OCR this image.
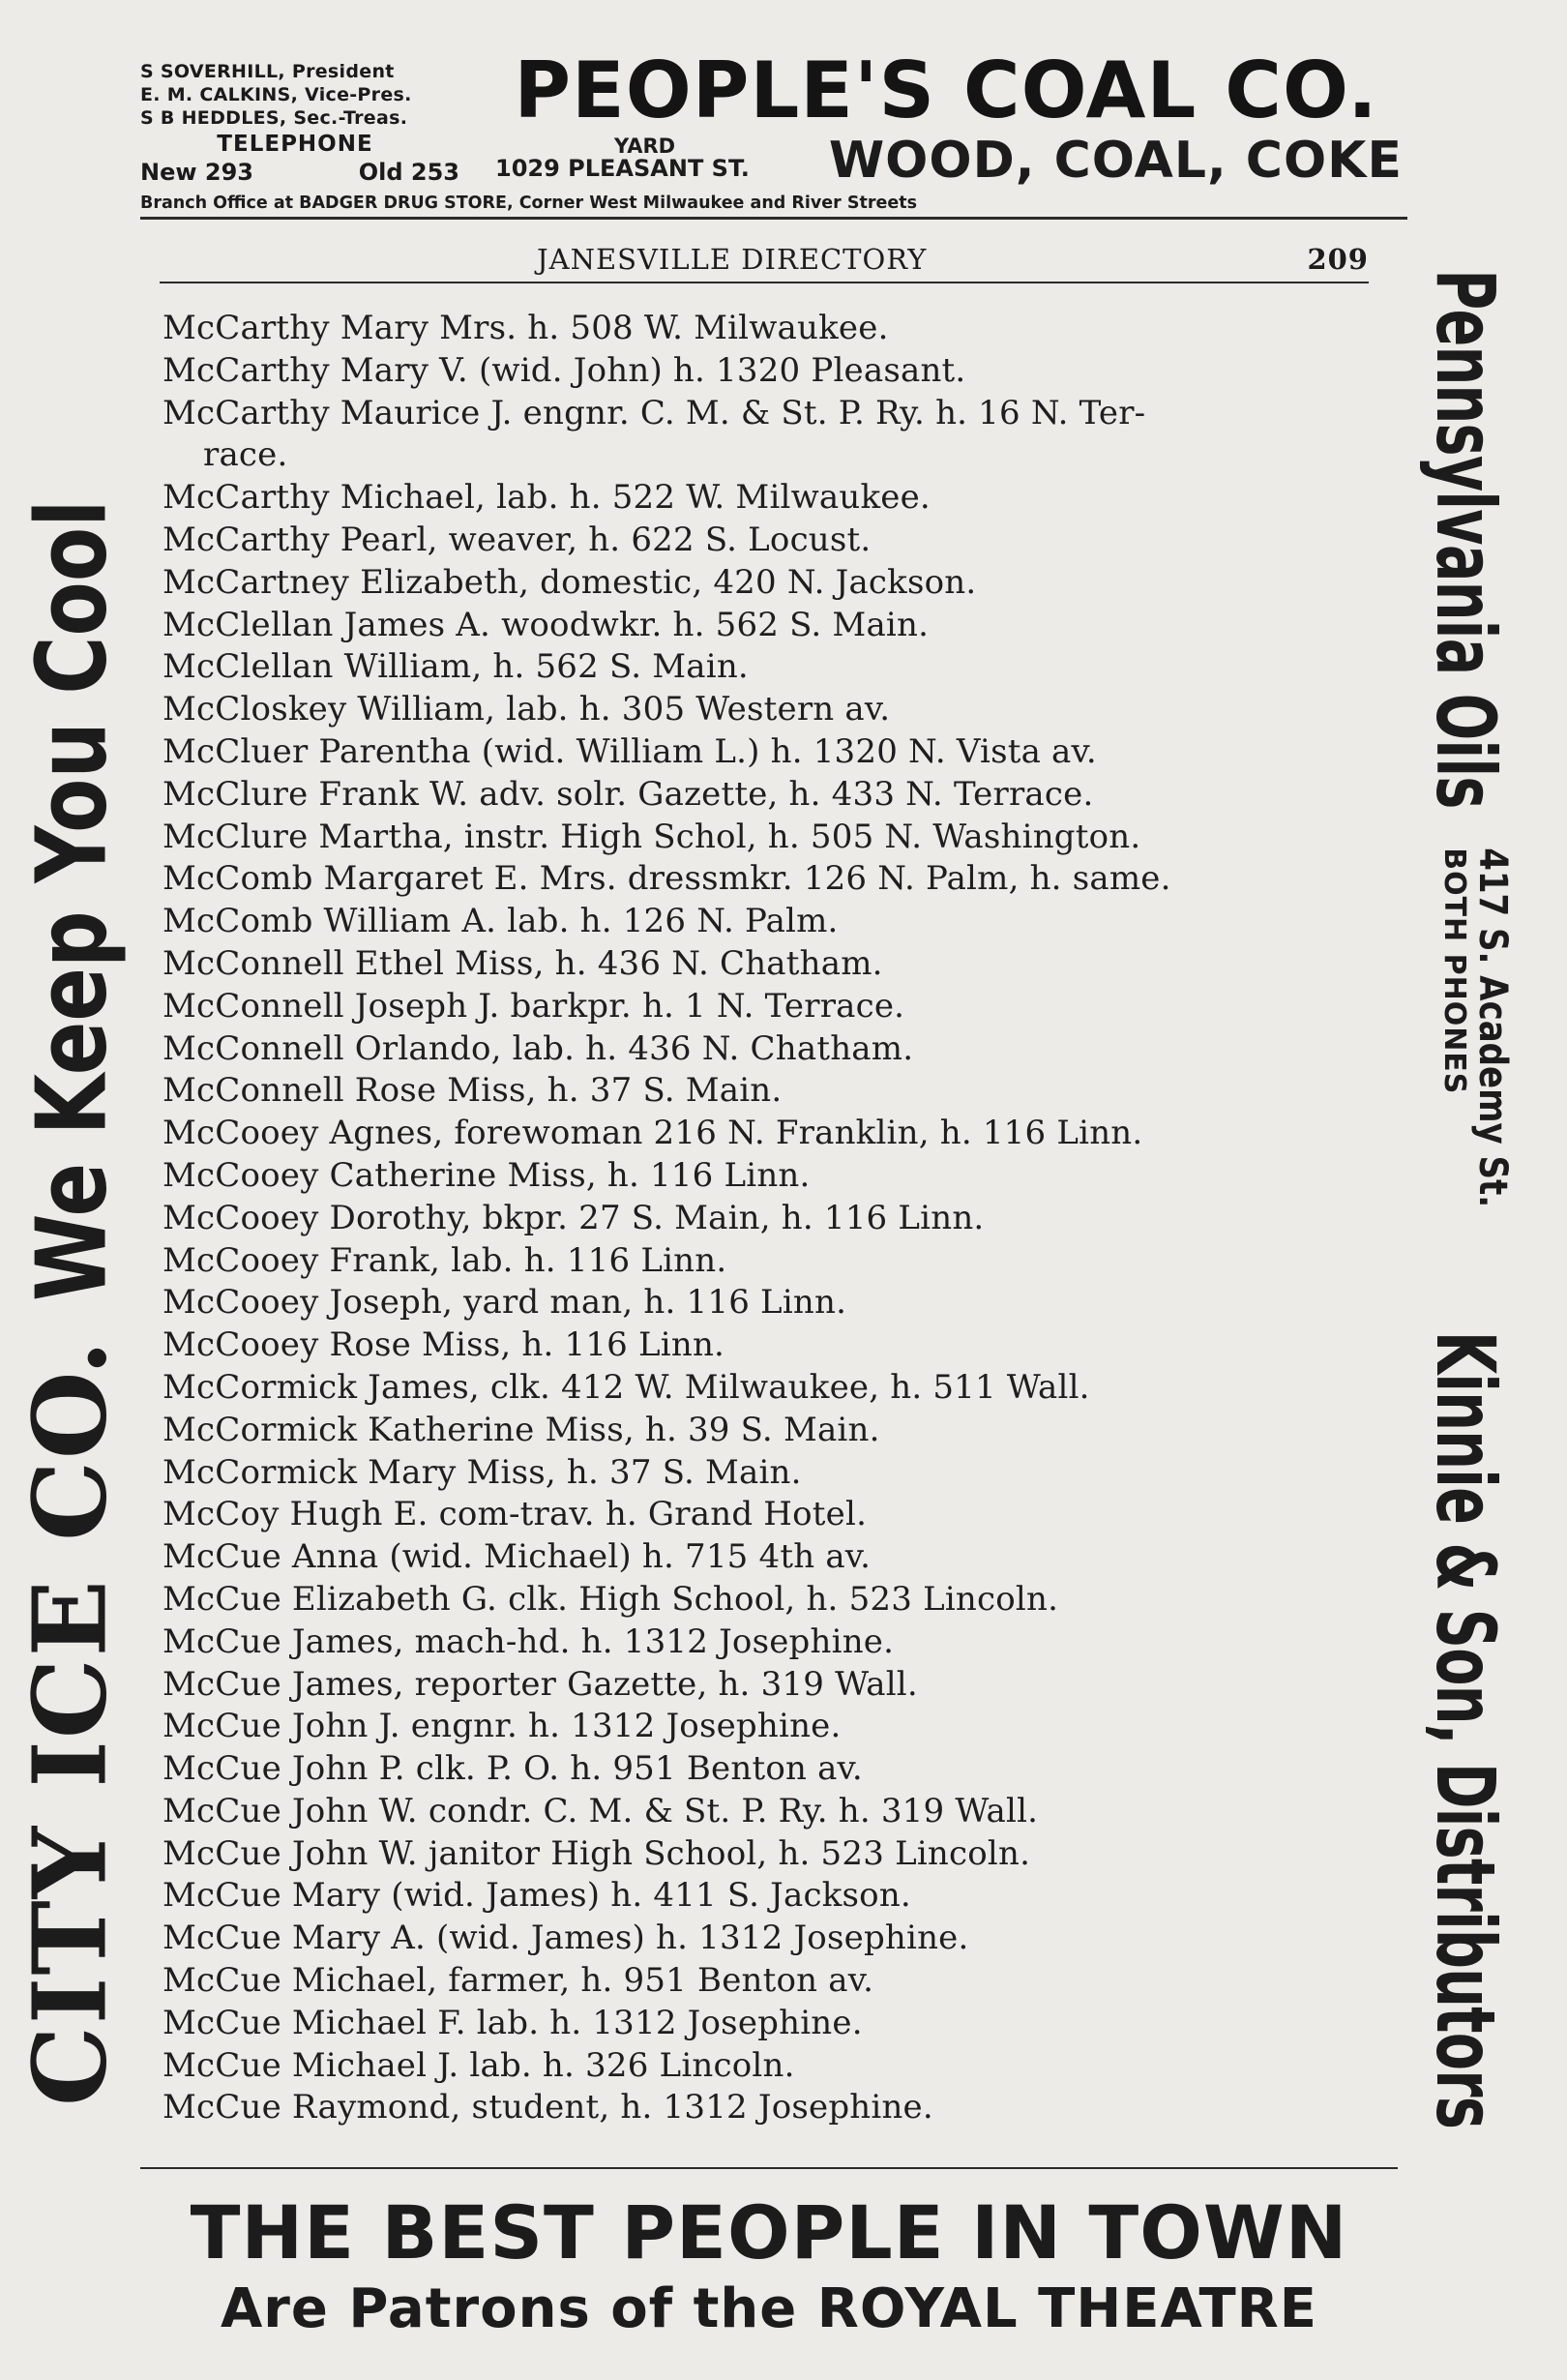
S SOVERHILL, President
E. M. CALKINS, Vice-Pres.
S B HEDDLES, Sec.-Treas.
TELEPHONE
New 293	Old 253
PEOPLE'S COAL CO.
YARD
1029 PLEASANT ST. WOOD, COAL, COKE
Branch Office at BADGER DRUG STORE, Corner West Milwaukee and River Streets
JANESVILLE DIRECTORY	209
McCarthy Mary Mrs. h. 508 W. Milwaukee.
McCarthy Mary V. (wid. John) h. 1320 Pleasant.
McCarthy Maurice J. engnr. C. M. & St. P. Ry. h. 16 N. Ter-
race.
McCarthy Michael, lab. h. 522 W. Milwaukee.
McCarthy Pearl, weaver, h. 622 S. Locust.
McCartney Elizabeth, domestic, 420 N. Jackson.
McClellan James A. woodwkr. h. 562 S. Main.
McClellan William, h. 562 S. Main.
McCloskey William, lab. h. 305 Western av.
McCluer Parentha (wid. William L.) h. 1320 N. Vista av.
McClure Frank W. adv. solr. Gazette, h. 433 N. Terrace.
McClure Martha, instr. High Schol, h. 505 N. Washington.
McComb Margaret E. Mrs. dressmkr. 126 N. Palm, h. same.
McComb William A. lab. h. 126 N. Palm.
McConnell Ethel Miss, h. 436 N. Chatham.
McConnell Joseph J. barkpr. h. 1 N. Terrace.
McConnell Orlando, lab. h. 436 N. Chatham.
McConnell Rose Miss, h. 37 S. Main.
McCooey Agnes, forewoman 216 N. Franklin, h. 116 Linn.
McCooey Catherine Miss, h. 116 Linn.
McCooey Dorothy, bkpr. 27 S. Main, h. 116 Linn.
McCooey Frank, lab. h. 116 Linn.
McCooey Joseph, yard man, h. 116 Linn.
McCooey Rose Miss, h. 116 Linn.
McCormick James, clk. 412 W. Milwaukee, h. 511 Wall.
McCormick Katherine Miss, h. 39 S. Main.
McCormick Mary Miss, h. 37 S. Main.
McCoy Hugh E. com-trav. h. Grand Hotel.
McCue Anna (wid. Michael) h. 715 4th av.
McCue Elizabeth G. clk. High School, h. 523 Lincoln.
McCue James, mach-hd. h. 1312 Josephine.
McCue James, reporter Gazette, h. 319 Wall.
McCue John J. engnr. h. 1312 Josephine.
McCue John P. clk. P. O. h. 951 Benton av.
McCue John W. condr. C. M. & St. P. Ry. h. 319 Wall.
McCue John W. janitor High School, h. 523 Lincoln.
McCue Mary (wid. James) h. 411 S. Jackson.
McCue Mary A. (wid. James) h. 1312 Josephine.
McCue Michael, farmer, h. 951 Benton av.
McCue Michael F. lab. h. 1312 Josephine.
McCue Michael J. lab. h. 326 Lincoln.
McCue Raymond, student, h. 1312 Josephine.
THE BEST PEOPLE IN TOWN
Are Patrons of the ROYAL THEATRE
CITY ICE CO. We Keep You Cool	Pennsylvania Oils
417 S. Academy St.
BOTH PHONES
Kinnie & Son, Distributors
